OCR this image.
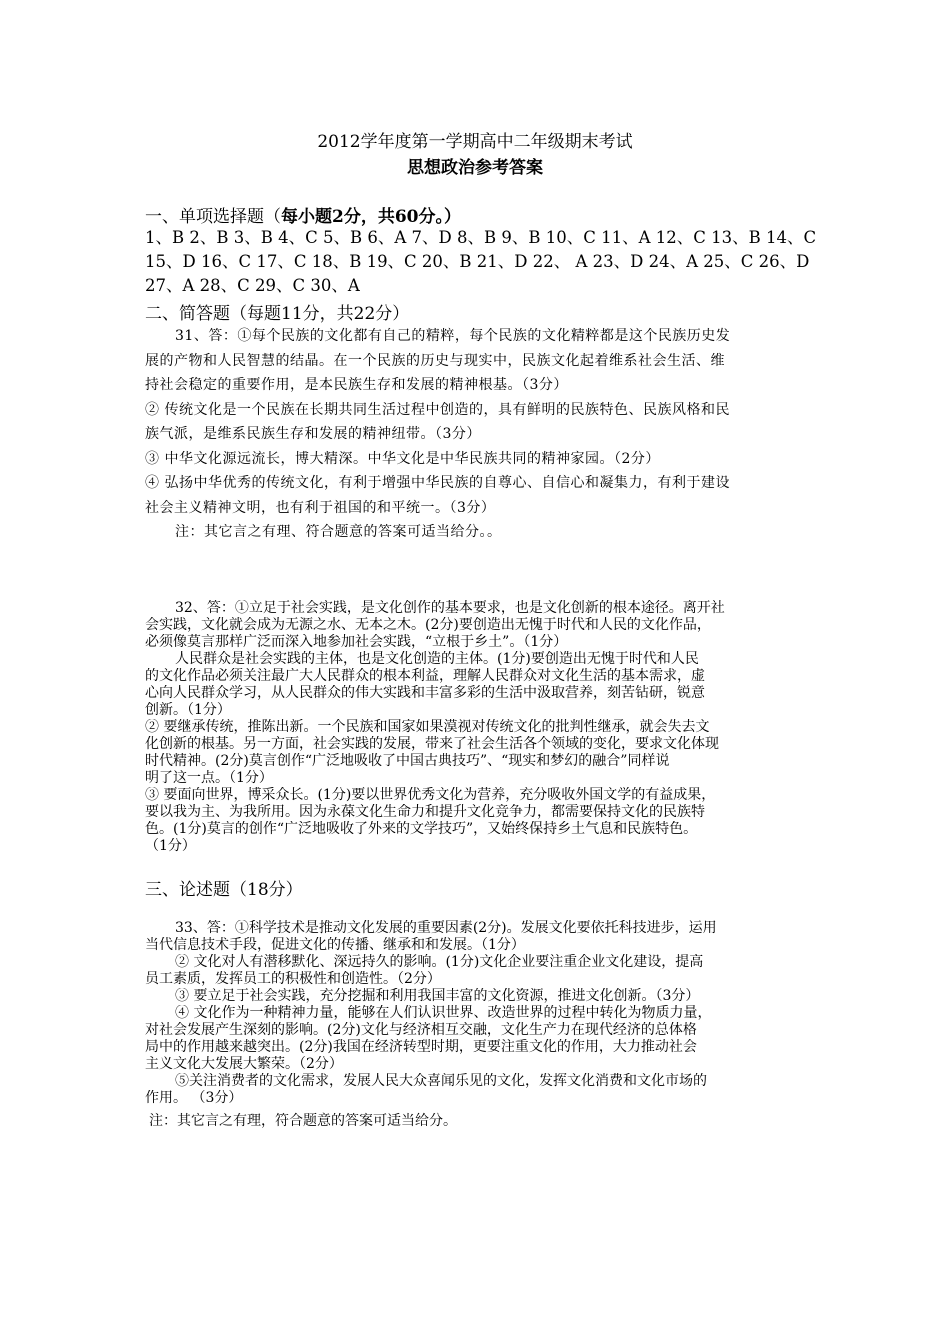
2012学年度第一学期高中二年级期末考试
思想政治参考答案
一、单项选择题（每小题2分，共60分。）
1、B 2、B 3、B 4、C 5、B 6、A 7、D 8、B 9、B 10、C 11、A 12、C 13、B 14、C
15、D 16、C 17、C 18、B 19、C 20、B 21、D 22、 A 23、D 24、A 25、C 26、D
27、A 28、C 29、C 30、A
二、简答题（每题11分，共22分）
31、答：①每个民族的文化都有自己的精粹，每个民族的文化精粹都是这个民族历史发
展的产物和人民智慧的结晶。在一个民族的历史与现实中，民族文化起着维系社会生活、维
持社会稳定的重要作用，是本民族生存和发展的精神根基。（3分）
② 传统文化是一个民族在长期共同生活过程中创造的，具有鲜明的民族特色、民族风格和民
族气派，是维系民族生存和发展的精神纽带。（3分）
③ 中华文化源远流长，博大精深。中华文化是中华民族共同的精神家园。（2分）
④ 弘扬中华优秀的传统文化，有利于增强中华民族的自尊心、自信心和凝集力，有利于建设
社会主义精神文明，也有利于祖国的和平统一。（3分）
注：其它言之有理、符合题意的答案可适当给分。。
32、答：①立足于社会实践，是文化创作的基本要求，也是文化创新的根本途径。离开社
会实践，文化就会成为无源之水、无本之木。(2分)要创造出无愧于时代和人民的文化作品，
必须像莫言那样广泛而深入地参加社会实践，“立根于乡土”。（1分）
人民群众是社会实践的主体，也是文化创造的主体。(1分)要创造出无愧于时代和人民
的文化作品必须关注最广大人民群众的根本利益，理解人民群众对文化生活的基本需求，虚
心向人民群众学习，从人民群众的伟大实践和丰富多彩的生活中汲取营养，刻苦钻研，锐意
创新。（1分）
② 要继承传统，推陈出新。一个民族和国家如果漠视对传统文化的批判性继承，就会失去文
化创新的根基。另一方面，社会实践的发展，带来了社会生活各个领域的变化，要求文化体现
时代精神。(2分)莫言创作“广泛地吸收了中国古典技巧”、“现实和梦幻的融合”同样说
明了这一点。（1分）
③ 要面向世界，博采众长。(1分)要以世界优秀文化为营养，充分吸收外国文学的有益成果，
要以我为主、为我所用。因为永葆文化生命力和提升文化竞争力，都需要保持文化的民族特
色。(1分)莫言的创作“广泛地吸收了外来的文学技巧”，又始终保持乡土气息和民族特色。
（1分）
三、论述题（18分）
33、答：①科学技术是推动文化发展的重要因素(2分)。发展文化要依托科技进步，运用
当代信息技术手段，促进文化的传播、继承和和发展。（1分）
② 文化对人有潜移默化、深远持久的影响。(1分)文化企业要注重企业文化建设，提高
员工素质，发挥员工的积极性和创造性。（2分）
③ 要立足于社会实践，充分挖掘和利用我国丰富的文化资源，推进文化创新。（3分）
④ 文化作为一种精神力量，能够在人们认识世界、改造世界的过程中转化为物质力量，
对社会发展产生深刻的影响。(2分)文化与经济相互交融，文化生产力在现代经济的总体格
局中的作用越来越突出。(2分)我国在经济转型时期，更要注重文化的作用，大力推动社会
主义文化大发展大繁荣。（2分）
⑤关注消费者的文化需求，发展人民大众喜闻乐见的文化，发挥文化消费和文化市场的
作用。 （3分）
注：其它言之有理，符合题意的答案可适当给分。
